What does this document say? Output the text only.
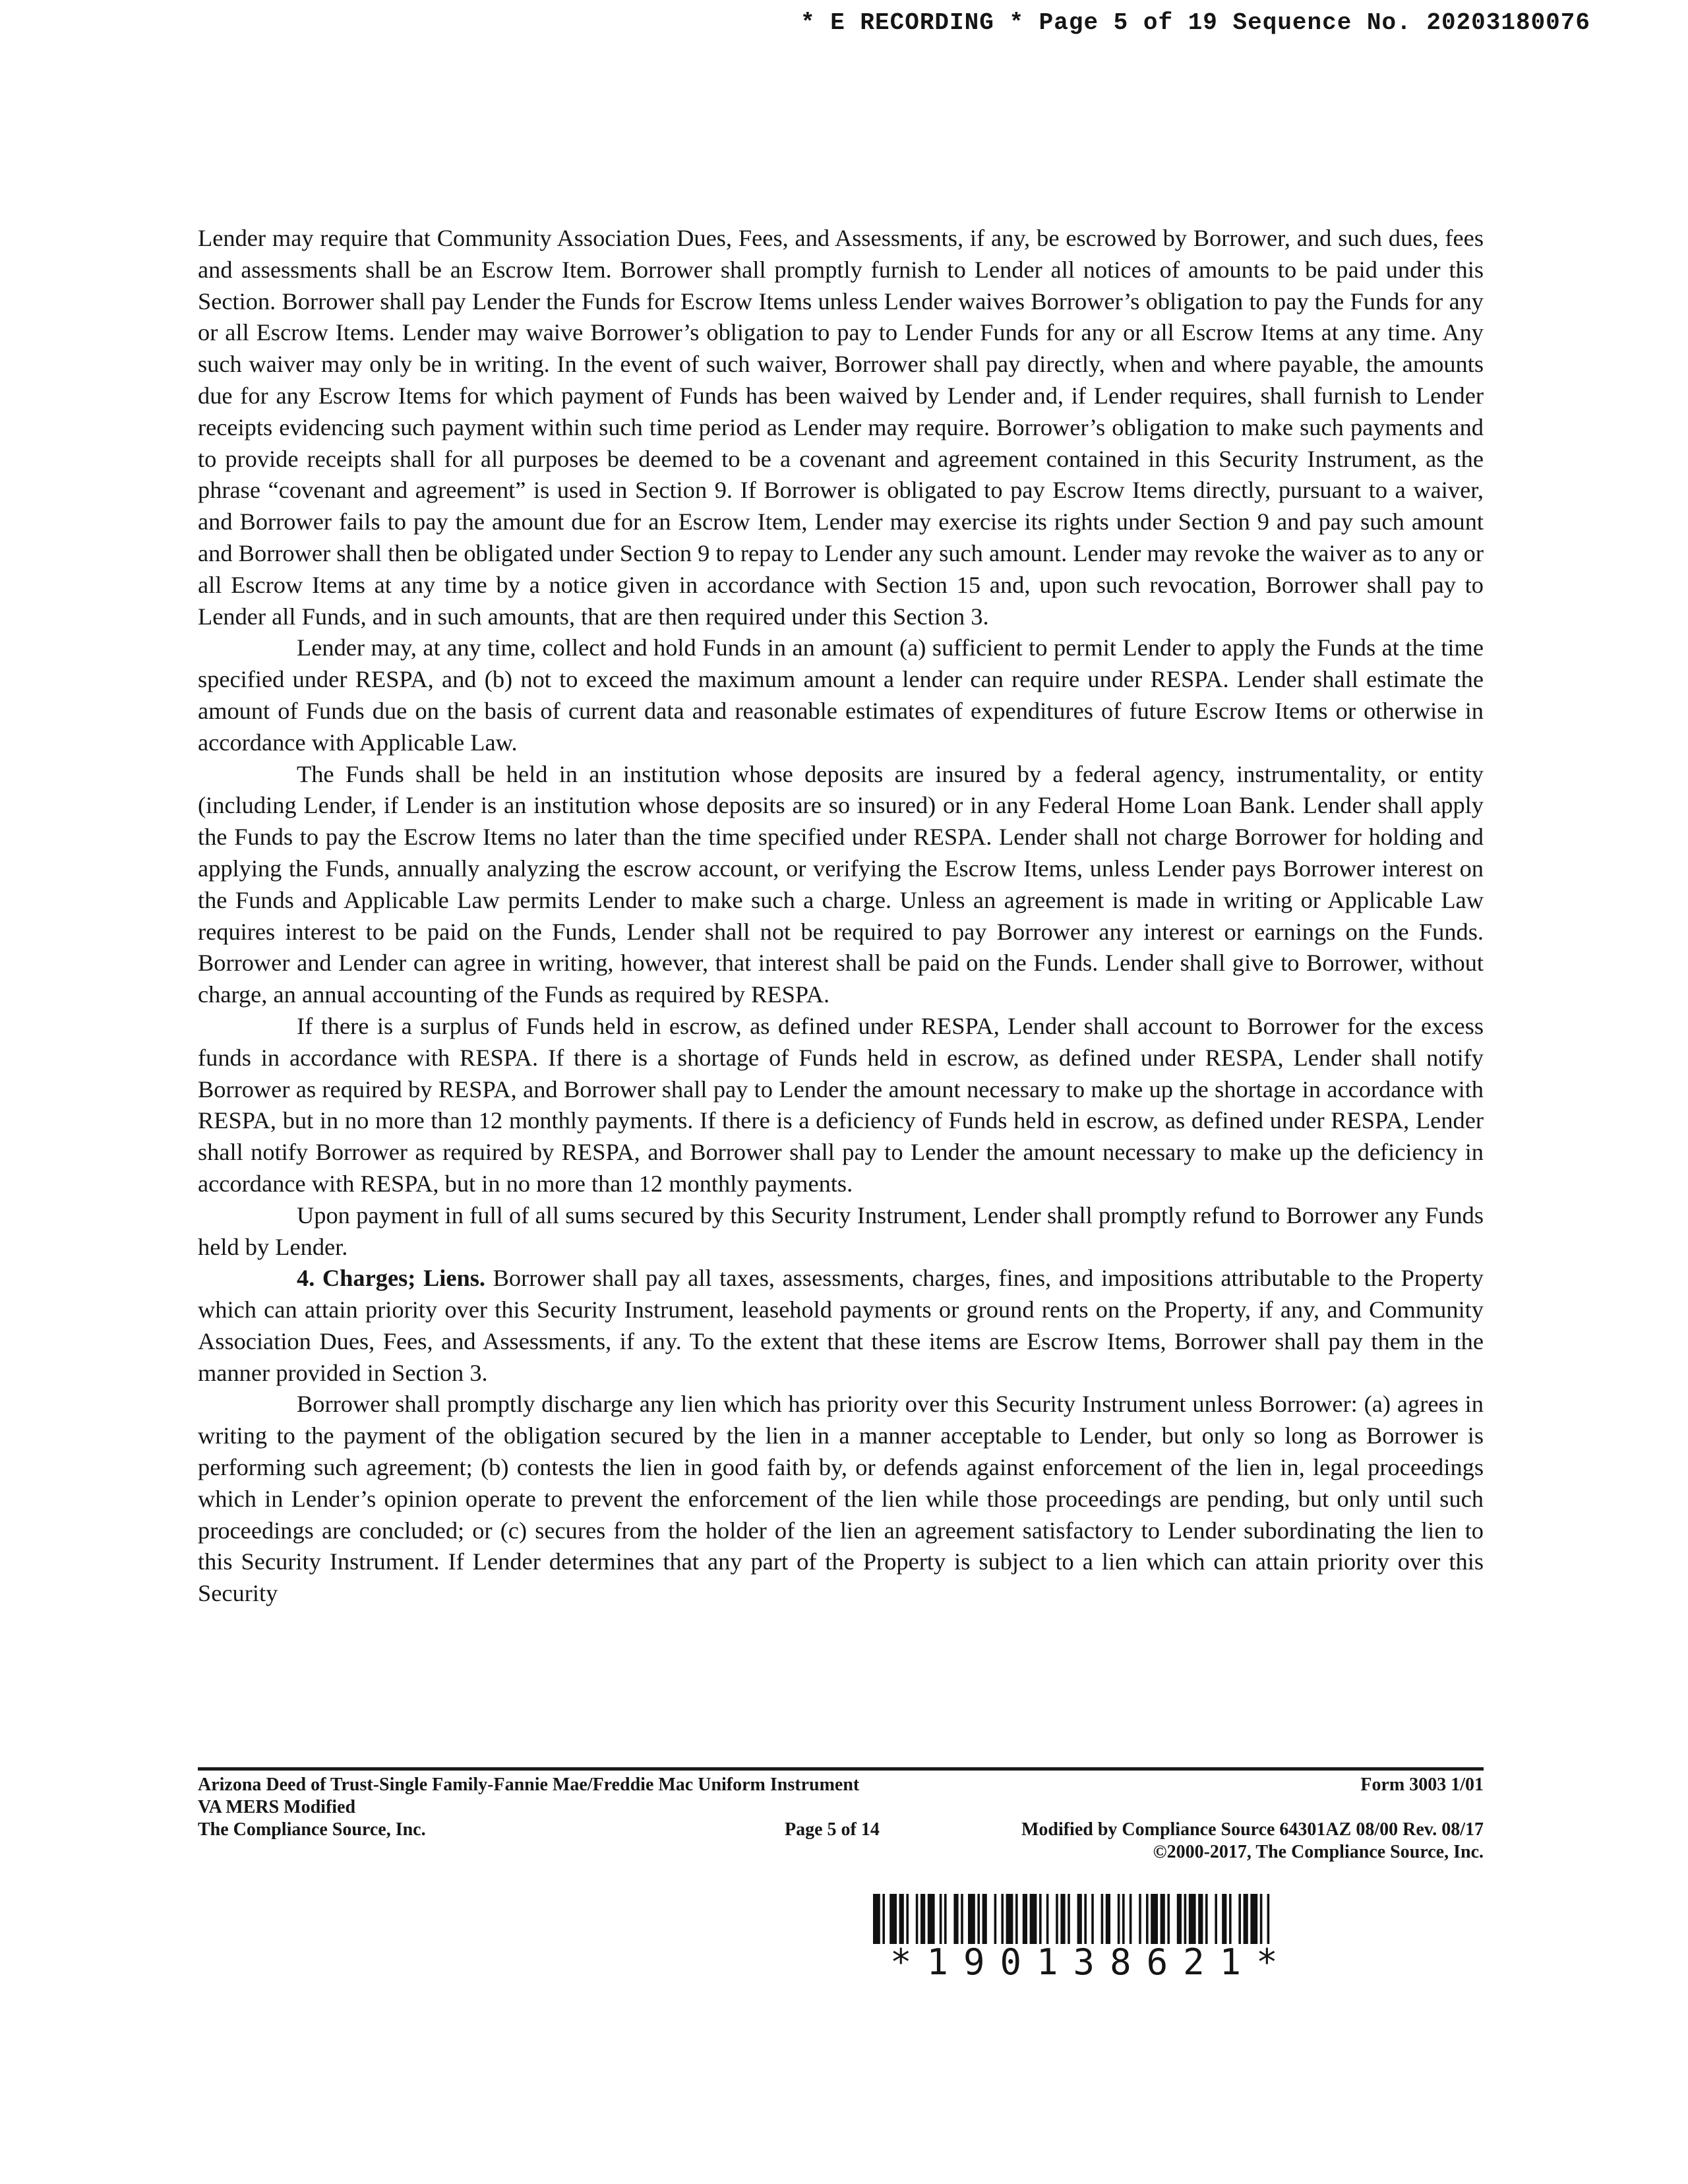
* E RECORDING * Page 5 of 19 Sequence No. 20203180076

Lender may require that Community Association Dues, Fees, and Assessments, if any, be escrowed by Borrower, and such dues, fees and assessments shall be an Escrow Item. Borrower shall promptly furnish to Lender all notices of amounts to be paid under this Section. Borrower shall pay Lender the Funds for Escrow Items unless Lender waives Borrower’s obligation to pay the Funds for any or all Escrow Items. Lender may waive Borrower’s obligation to pay to Lender Funds for any or all Escrow Items at any time. Any such waiver may only be in writing. In the event of such waiver, Borrower shall pay directly, when and where payable, the amounts due for any Escrow Items for which payment of Funds has been waived by Lender and, if Lender requires, shall furnish to Lender receipts evidencing such payment within such time period as Lender may require. Borrower’s obligation to make such payments and to provide receipts shall for all purposes be deemed to be a covenant and agreement contained in this Security Instrument, as the phrase “covenant and agreement” is used in Section 9. If Borrower is obligated to pay Escrow Items directly, pursuant to a waiver, and Borrower fails to pay the amount due for an Escrow Item, Lender may exercise its rights under Section 9 and pay such amount and Borrower shall then be obligated under Section 9 to repay to Lender any such amount. Lender may revoke the waiver as to any or all Escrow Items at any time by a notice given in accordance with Section 15 and, upon such revocation, Borrower shall pay to Lender all Funds, and in such amounts, that are then required under this Section 3.

Lender may, at any time, collect and hold Funds in an amount (a) sufficient to permit Lender to apply the Funds at the time specified under RESPA, and (b) not to exceed the maximum amount a lender can require under RESPA. Lender shall estimate the amount of Funds due on the basis of current data and reasonable estimates of expenditures of future Escrow Items or otherwise in accordance with Applicable Law.

The Funds shall be held in an institution whose deposits are insured by a federal agency, instrumentality, or entity (including Lender, if Lender is an institution whose deposits are so insured) or in any Federal Home Loan Bank. Lender shall apply the Funds to pay the Escrow Items no later than the time specified under RESPA. Lender shall not charge Borrower for holding and applying the Funds, annually analyzing the escrow account, or verifying the Escrow Items, unless Lender pays Borrower interest on the Funds and Applicable Law permits Lender to make such a charge. Unless an agreement is made in writing or Applicable Law requires interest to be paid on the Funds, Lender shall not be required to pay Borrower any interest or earnings on the Funds. Borrower and Lender can agree in writing, however, that interest shall be paid on the Funds. Lender shall give to Borrower, without charge, an annual accounting of the Funds as required by RESPA.

If there is a surplus of Funds held in escrow, as defined under RESPA, Lender shall account to Borrower for the excess funds in accordance with RESPA. If there is a shortage of Funds held in escrow, as defined under RESPA, Lender shall notify Borrower as required by RESPA, and Borrower shall pay to Lender the amount necessary to make up the shortage in accordance with RESPA, but in no more than 12 monthly payments. If there is a deficiency of Funds held in escrow, as defined under RESPA, Lender shall notify Borrower as required by RESPA, and Borrower shall pay to Lender the amount necessary to make up the deficiency in accordance with RESPA, but in no more than 12 monthly payments.

Upon payment in full of all sums secured by this Security Instrument, Lender shall promptly refund to Borrower any Funds held by Lender.

4. Charges; Liens. Borrower shall pay all taxes, assessments, charges, fines, and impositions attributable to the Property which can attain priority over this Security Instrument, leasehold payments or ground rents on the Property, if any, and Community Association Dues, Fees, and Assessments, if any. To the extent that these items are Escrow Items, Borrower shall pay them in the manner provided in Section 3.

Borrower shall promptly discharge any lien which has priority over this Security Instrument unless Borrower: (a) agrees in writing to the payment of the obligation secured by the lien in a manner acceptable to Lender, but only so long as Borrower is performing such agreement; (b) contests the lien in good faith by, or defends against enforcement of the lien in, legal proceedings which in Lender’s opinion operate to prevent the enforcement of the lien while those proceedings are pending, but only until such proceedings are concluded; or (c) secures from the holder of the lien an agreement satisfactory to Lender subordinating the lien to this Security Instrument. If Lender determines that any part of the Property is subject to a lien which can attain priority over this Security

Arizona Deed of Trust-Single Family-Fannie Mae/Freddie Mac Uniform Instrument
VA MERS Modified
The Compliance Source, Inc.
Form 3003 1/01
Page 5 of 14	Modified by Compliance Source 64301AZ 08/00 Rev. 08/17
©2000-2017, The Compliance Source, Inc.
*190138621*
